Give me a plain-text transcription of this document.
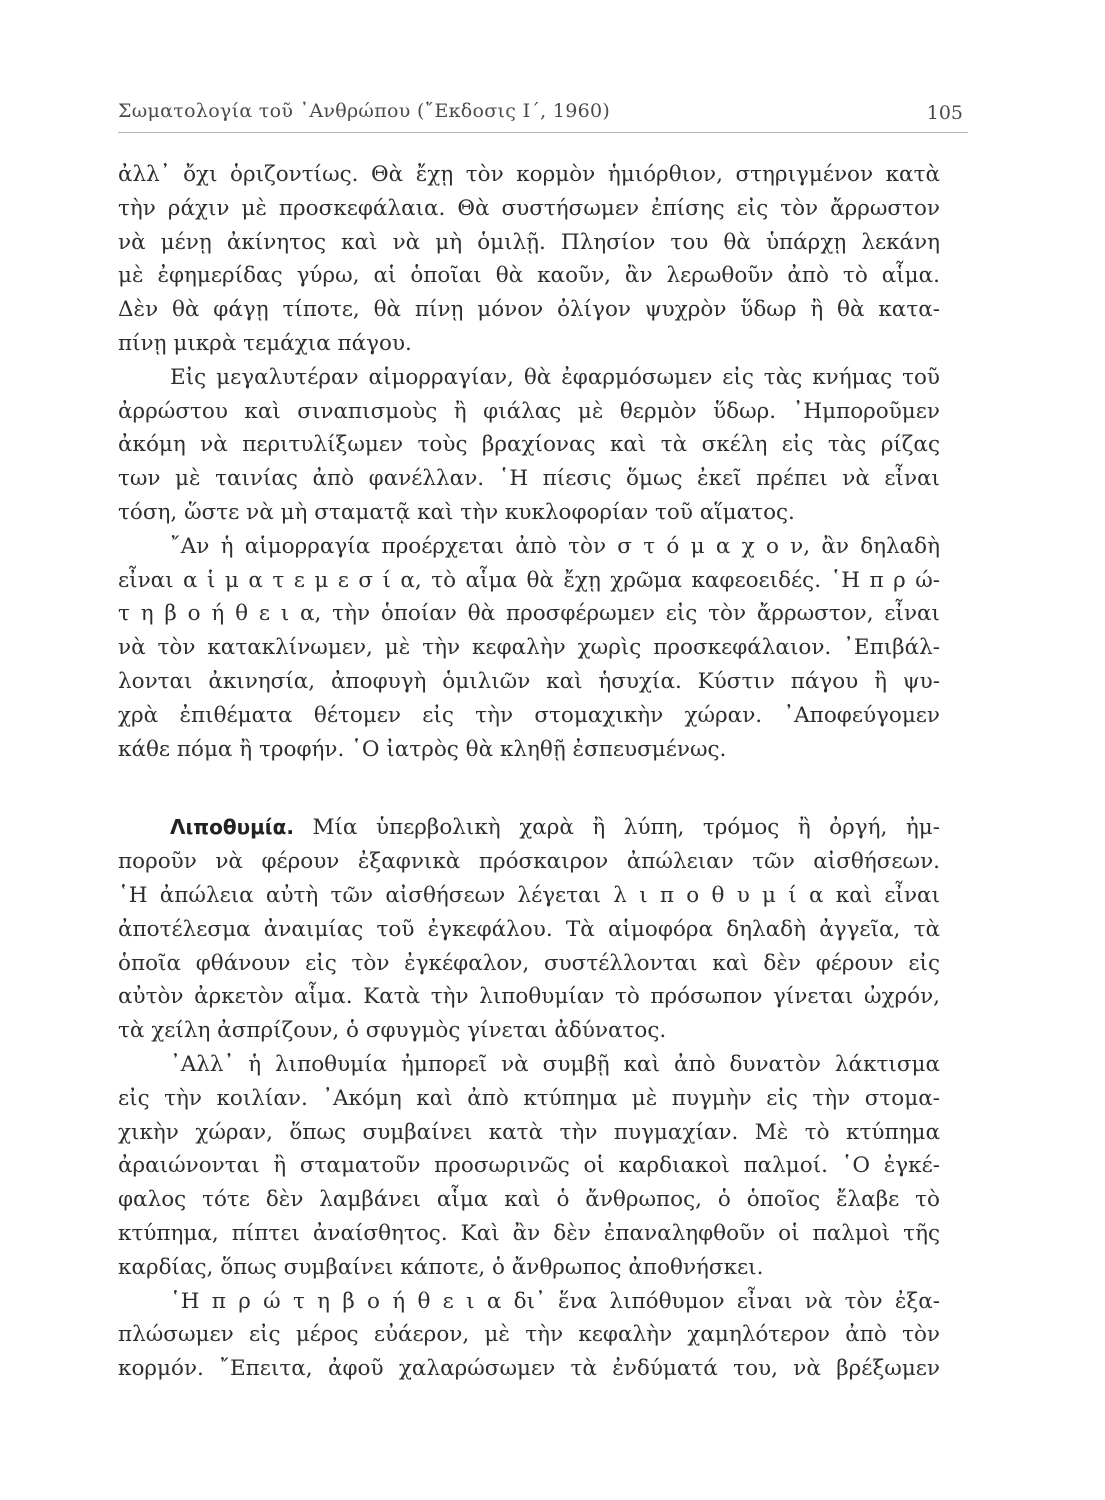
Σωματολογία τοῦ ᾽Ανθρώπου (῎Εκδοσις Ι΄, 1960)	105
ἀλλ᾽ ὄχι ὁριζοντίως. Θὰ ἔχῃ τὸν κορμὸν ἡμιόρθιον, στηριγμένον κατὰ
τὴν ράχιν μὲ προσκεφάλαια. Θὰ συστήσωμεν ἐπίσης εἰς τὸν ἄρρωστον
νὰ μένῃ ἀκίνητος καὶ νὰ μὴ ὁμιλῇ. Πλησίον του θὰ ὑπάρχῃ λεκάνη
μὲ ἐφημερίδας γύρω, αἱ ὁποῖαι θὰ καοῦν, ἂν λερωθοῦν ἀπὸ τὸ αἷμα.
Δὲν θὰ φάγῃ τίποτε, θὰ πίνῃ μόνον ὀλίγον ψυχρὸν ὕδωρ ἢ θὰ κατα-
πίνῃ μικρὰ τεμάχια πάγου.
Εἰς μεγαλυτέραν αἱμορραγίαν, θὰ ἐφαρμόσωμεν εἰς τὰς κνήμας τοῦ
ἀρρώστου καὶ σιναπισμοὺς ἢ φιάλας μὲ θερμὸν ὕδωρ. ᾽Ημποροῦμεν
ἀκόμη νὰ περιτυλίξωμεν τοὺς βραχίονας καὶ τὰ σκέλη εἰς τὰς ρίζας
των μὲ ταινίας ἀπὸ φανέλλαν. ῾Η πίεσις ὅμως ἐκεῖ πρέπει νὰ εἶναι
τόση, ὥστε νὰ μὴ σταματᾷ καὶ τὴν κυκλοφορίαν τοῦ αἵματος.
῎Αν ἡ αἱμορραγία προέρχεται ἀπὸ τὸν σ τ ό μ α χ ο ν, ἂν δηλαδὴ
εἶναι α ἱ μ α τ ε μ ε σ ί α, τὸ αἷμα θὰ ἔχῃ χρῶμα καφεοειδές. ῾Η π ρ ώ-
τ η β ο ή θ ε ι α, τὴν ὁποίαν θὰ προσφέρωμεν εἰς τὸν ἄρρωστον, εἶναι
νὰ τὸν κατακλίνωμεν, μὲ τὴν κεφαλὴν χωρὶς προσκεφάλαιον. ᾽Επιβάλ-
λονται ἀκινησία, ἀποφυγὴ ὁμιλιῶν καὶ ἡσυχία. Κύστιν πάγου ἢ ψυ-
χρὰ ἐπιθέματα θέτομεν εἰς τὴν στομαχικὴν χώραν. ᾽Αποφεύγομεν
κάθε πόμα ἢ τροφήν. ῾Ο ἰατρὸς θὰ κληθῇ ἐσπευσμένως.
Λιποθυμία. Μία ὑπερβολικὴ χαρὰ ἢ λύπη, τρόμος ἢ ὀργή, ἠμ-
ποροῦν νὰ φέρουν ἐξαφνικὰ πρόσκαιρον ἀπώλειαν τῶν αἰσθήσεων.
῾Η ἀπώλεια αὐτὴ τῶν αἰσθήσεων λέγεται λ ι π ο θ υ μ ί α καὶ εἶναι
ἀποτέλεσμα ἀναιμίας τοῦ ἐγκεφάλου. Τὰ αἱμοφόρα δηλαδὴ ἀγγεῖα, τὰ
ὁποῖα φθάνουν εἰς τὸν ἐγκέφαλον, συστέλλονται καὶ δὲν φέρουν εἰς
αὐτὸν ἀρκετὸν αἷμα. Κατὰ τὴν λιποθυμίαν τὸ πρόσωπον γίνεται ὠχρόν,
τὰ χείλη ἀσπρίζουν, ὁ σφυγμὸς γίνεται ἀδύνατος.
᾽Αλλ᾽ ἡ λιποθυμία ἠμπορεῖ νὰ συμβῇ καὶ ἀπὸ δυνατὸν λάκτισμα
εἰς τὴν κοιλίαν. ᾽Ακόμη καὶ ἀπὸ κτύπημα μὲ πυγμὴν εἰς τὴν στομα-
χικὴν χώραν, ὅπως συμβαίνει κατὰ τὴν πυγμαχίαν. Μὲ τὸ κτύπημα
ἀραιώνονται ἢ σταματοῦν προσωρινῶς οἱ καρδιακοὶ παλμοί. ῾Ο ἐγκέ-
φαλος τότε δὲν λαμβάνει αἷμα καὶ ὁ ἄνθρωπος, ὁ ὁποῖος ἔλαβε τὸ
κτύπημα, πίπτει ἀναίσθητος. Καὶ ἂν δὲν ἐπαναληφθοῦν οἱ παλμοὶ τῆς
καρδίας, ὅπως συμβαίνει κάποτε, ὁ ἄνθρωπος ἀποθνήσκει.
῾Η π ρ ώ τ η β ο ή θ ε ι α δι᾽ ἕνα λιπόθυμον εἶναι νὰ τὸν ἐξα-
πλώσωμεν εἰς μέρος εὐάερον, μὲ τὴν κεφαλὴν χαμηλότερον ἀπὸ τὸν
κορμόν. ῎Επειτα, ἀφοῦ χαλαρώσωμεν τὰ ἐνδύματά του, νὰ βρέξωμεν
